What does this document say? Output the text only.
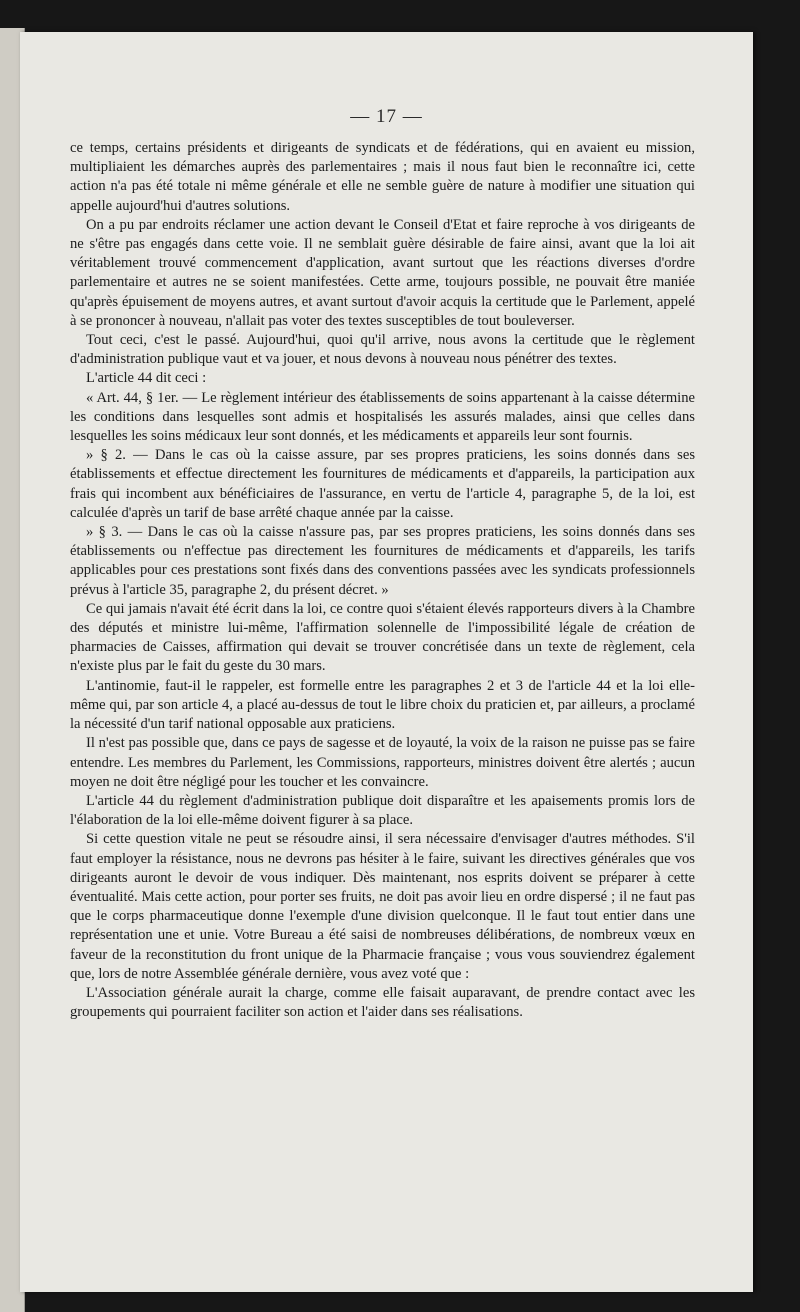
— 17 —

ce temps, certains présidents et dirigeants de syndicats et de fédérations, qui en avaient eu mission, multipliaient les démarches auprès des parlementaires ; mais il nous faut bien le reconnaître ici, cette action n'a pas été totale ni même générale et elle ne semble guère de nature à modifier une situation qui appelle aujourd'hui d'autres solutions.

On a pu par endroits réclamer une action devant le Conseil d'Etat et faire reproche à vos dirigeants de ne s'être pas engagés dans cette voie. Il ne semblait guère désirable de faire ainsi, avant que la loi ait véritablement trouvé commencement d'application, avant surtout que les réactions diverses d'ordre parlementaire et autres ne se soient manifestées. Cette arme, toujours possible, ne pouvait être maniée qu'après épuisement de moyens autres, et avant surtout d'avoir acquis la certitude que le Parlement, appelé à se prononcer à nouveau, n'allait pas voter des textes susceptibles de tout bouleverser.

Tout ceci, c'est le passé. Aujourd'hui, quoi qu'il arrive, nous avons la certitude que le règlement d'administration publique vaut et va jouer, et nous devons à nouveau nous pénétrer des textes.

L'article 44 dit ceci :

« Art. 44, § 1er. — Le règlement intérieur des établissements de soins appartenant à la caisse détermine les conditions dans lesquelles sont admis et hospitalisés les assurés malades, ainsi que celles dans lesquelles les soins médicaux leur sont donnés, et les médicaments et appareils leur sont fournis.

» § 2. — Dans le cas où la caisse assure, par ses propres praticiens, les soins donnés dans ses établissements et effectue directement les fournitures de médicaments et d'appareils, la participation aux frais qui incombent aux bénéficiaires de l'assurance, en vertu de l'article 4, paragraphe 5, de la loi, est calculée d'après un tarif de base arrêté chaque année par la caisse.

» § 3. — Dans le cas où la caisse n'assure pas, par ses propres praticiens, les soins donnés dans ses établissements ou n'effectue pas directement les fournitures de médicaments et d'appareils, les tarifs applicables pour ces prestations sont fixés dans des conventions passées avec les syndicats professionnels prévus à l'article 35, paragraphe 2, du présent décret. »

Ce qui jamais n'avait été écrit dans la loi, ce contre quoi s'étaient élevés rapporteurs divers à la Chambre des députés et ministre lui-même, l'affirmation solennelle de l'impossibilité légale de création de pharmacies de Caisses, affirmation qui devait se trouver concrétisée dans un texte de règlement, cela n'existe plus par le fait du geste du 30 mars.

L'antinomie, faut-il le rappeler, est formelle entre les paragraphes 2 et 3 de l'article 44 et la loi elle-même qui, par son article 4, a placé au-dessus de tout le libre choix du praticien et, par ailleurs, a proclamé la nécessité d'un tarif national opposable aux praticiens.

Il n'est pas possible que, dans ce pays de sagesse et de loyauté, la voix de la raison ne puisse pas se faire entendre. Les membres du Parlement, les Commissions, rapporteurs, ministres doivent être alertés ; aucun moyen ne doit être négligé pour les toucher et les convaincre.

L'article 44 du règlement d'administration publique doit disparaître et les apaisements promis lors de l'élaboration de la loi elle-même doivent figurer à sa place.

Si cette question vitale ne peut se résoudre ainsi, il sera nécessaire d'envisager d'autres méthodes. S'il faut employer la résistance, nous ne devrons pas hésiter à le faire, suivant les directives générales que vos dirigeants auront le devoir de vous indiquer. Dès maintenant, nos esprits doivent se préparer à cette éventualité. Mais cette action, pour porter ses fruits, ne doit pas avoir lieu en ordre dispersé ; il ne faut pas que le corps pharmaceutique donne l'exemple d'une division quelconque. Il le faut tout entier dans une représentation une et unie. Votre Bureau a été saisi de nombreuses délibérations, de nombreux vœux en faveur de la reconstitution du front unique de la Pharmacie française ; vous vous souviendrez également que, lors de notre Assemblée générale dernière, vous avez voté que :

L'Association générale aurait la charge, comme elle faisait auparavant, de prendre contact avec les groupements qui pourraient faciliter son action et l'aider dans ses réalisations.
